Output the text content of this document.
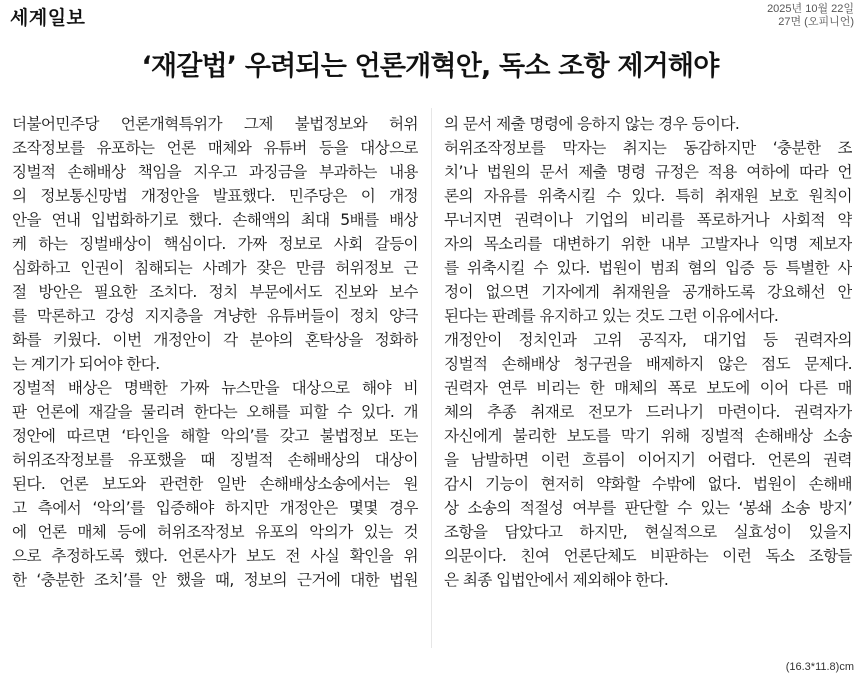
세계일보	2025년 10월 22일
27면 (오피니언)
‘재갈법’ 우려되는 언론개혁안, 독소 조항 제거해야
더불어민주당 언론개혁특위가 그제 불법정보와 허위
조작정보를 유포하는 언론 매체와 유튜버 등을 대상으로
징벌적 손해배상 책임을 지우고 과징금을 부과하는 내용
의 정보통신망법 개정안을 발표했다. 민주당은 이 개정
안을 연내 입법화하기로 했다. 손해액의 최대 5배를 배상
케 하는 징벌배상이 핵심이다. 가짜 정보로 사회 갈등이
심화하고 인권이 침해되는 사례가 잦은 만큼 허위정보 근
절 방안은 필요한 조치다. 정치 부문에서도 진보와 보수
를 막론하고 강성 지지층을 겨냥한 유튜버들이 정치 양극
화를 키웠다. 이번 개정안이 각 분야의 혼탁상을 정화하
는 계기가 되어야 한다.
징벌적 배상은 명백한 가짜 뉴스만을 대상으로 해야 비
판 언론에 재갈을 물리려 한다는 오해를 피할 수 있다. 개
정안에 따르면 ‘타인을 해할 악의’를 갖고 불법정보 또는
허위조작정보를 유포했을 때 징벌적 손해배상의 대상이
된다. 언론 보도와 관련한 일반 손해배상소송에서는 원
고 측에서 ‘악의’를 입증해야 하지만 개정안은 몇몇 경우
에 언론 매체 등에 허위조작정보 유포의 악의가 있는 것
으로 추정하도록 했다. 언론사가 보도 전 사실 확인을 위
한 ‘충분한 조치’를 안 했을 때, 정보의 근거에 대한 법원
의 문서 제출 명령에 응하지 않는 경우 등이다.
허위조작정보를 막자는 취지는 동감하지만 ‘충분한 조
치’나 법원의 문서 제출 명령 규정은 적용 여하에 따라 언
론의 자유를 위축시킬 수 있다. 특히 취재원 보호 원칙이
무너지면 권력이나 기업의 비리를 폭로하거나 사회적 약
자의 목소리를 대변하기 위한 내부 고발자나 익명 제보자
를 위축시킬 수 있다. 법원이 범죄 혐의 입증 등 특별한 사
정이 없으면 기자에게 취재원을 공개하도록 강요해선 안
된다는 판례를 유지하고 있는 것도 그런 이유에서다.
개정안이 정치인과 고위 공직자, 대기업 등 권력자의
징벌적 손해배상 청구권을 배제하지 않은 점도 문제다.
권력자 연루 비리는 한 매체의 폭로 보도에 이어 다른 매
체의 추종 취재로 전모가 드러나기 마련이다. 권력자가
자신에게 불리한 보도를 막기 위해 징벌적 손해배상 소송
을 남발하면 이런 흐름이 이어지기 어렵다. 언론의 권력
감시 기능이 현저히 약화할 수밖에 없다. 법원이 손해배
상 소송의 적절성 여부를 판단할 수 있는 ‘봉쇄 소송 방지’
조항을 담았다고 하지만, 현실적으로 실효성이 있을지
의문이다. 친여 언론단체도 비판하는 이런 독소 조항들
은 최종 입법안에서 제외해야 한다.
(16.3*11.8)cm
